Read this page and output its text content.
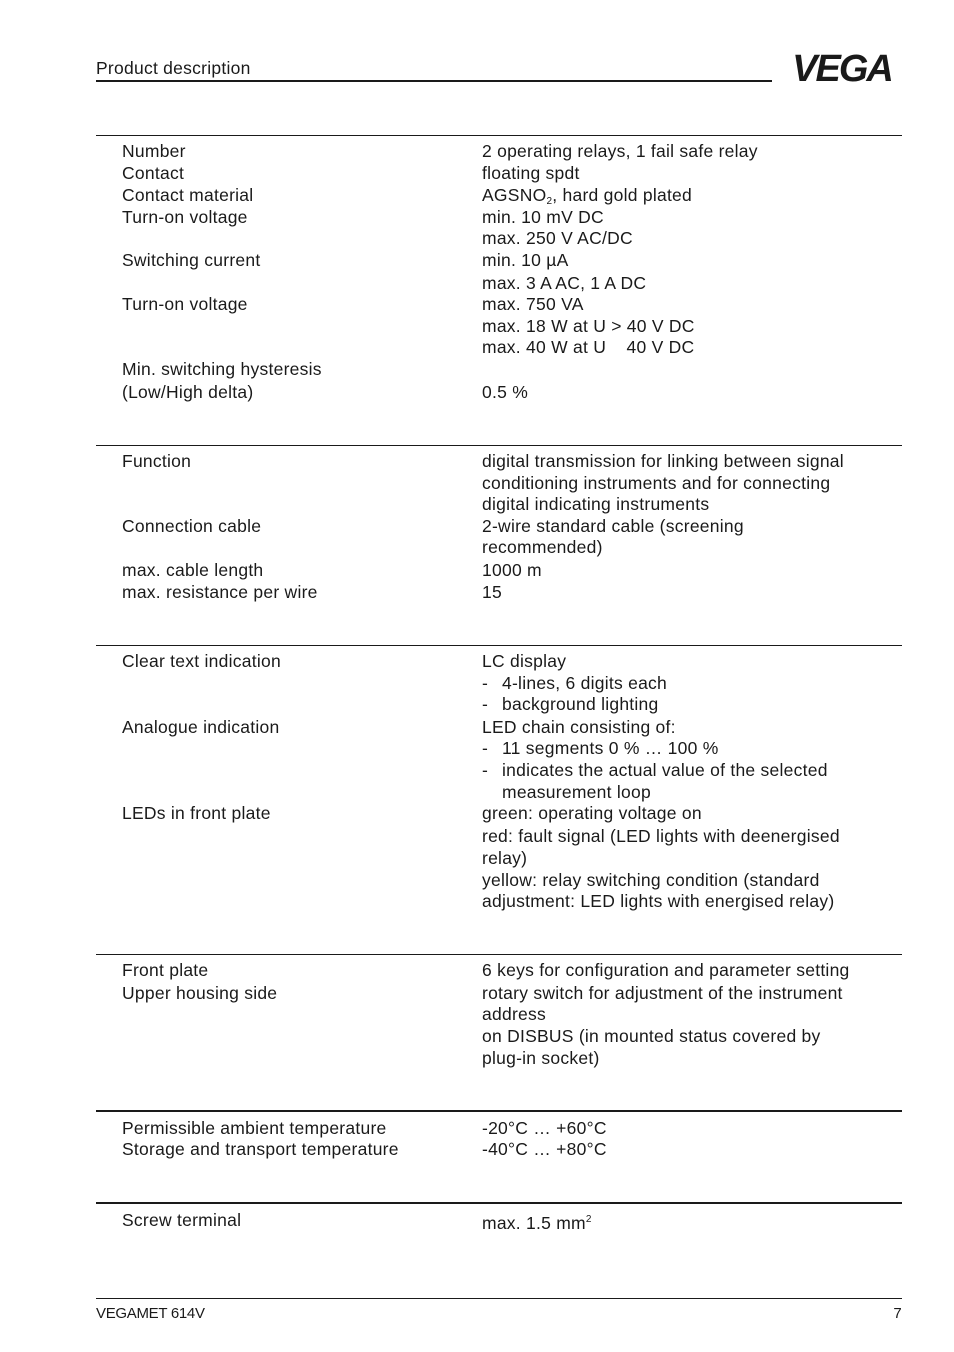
Product description	VEGA
Number	2 operating relays, 1 fail safe relay
Contact	floating spdt
Contact material	$AGSNO_2$, hard gold plated
Turn-on voltage	min. 10 mV DC
max. 250 V AC/DC
Switching current	min. 10 µA
max. 3 A AC, 1 A DC
Turn-on voltage	max. 750 VA
max. 18 W at U > 40 V DC
max. 40 W at U    40 V DC
Min. switching hysteresis
(Low/High delta)	0.5 %
Function	digital transmission for linking between signal
conditioning instruments and for connecting
digital indicating instruments
Connection cable	2-wire standard cable (screening
recommended)
max. cable length	1000 m
max. resistance per wire	15
Clear text indication	LC display
- 4-lines, 6 digits each
- background lighting
Analogue indication	LED chain consisting of:
- 11 segments 0 % … 100 %
- indicates the actual value of the selected
measurement loop
LEDs in front plate	green: operating voltage on
red: fault signal (LED lights with deenergised
relay)
yellow: relay switching condition (standard
adjustment: LED lights with energised relay)
Front plate	6 keys for configuration and parameter setting
Upper housing side	rotary switch for adjustment of the instrument
address
on DISBUS (in mounted status covered by
plug-in socket)
Permissible ambient temperature	-20°C … +60°C
Storage and transport temperature	-40°C … +80°C
Screw terminal	max. 1.5 $mm^2$
VEGAMET 614V	7
